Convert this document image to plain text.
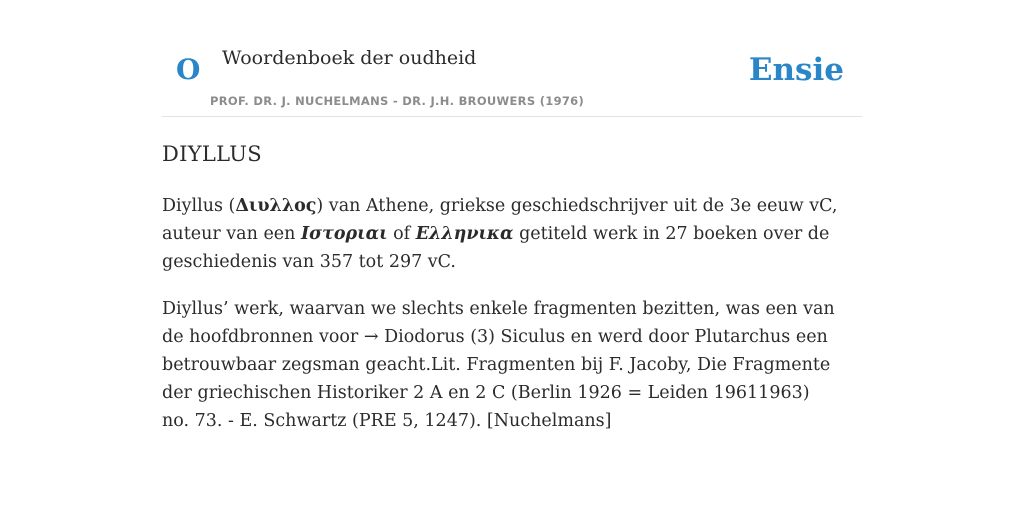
O Woordenboek der oudheid
PROF. DR. J. NUCHELMANS - DR. J.H. BROUWERS (1976)
Ensie
DIYLLUS

Diyllus (Διυλλος) van Athene, griekse geschiedschrijver uit de 3e eeuw vC, auteur van een Ιστοριαι of Ελληνικα getiteld werk in 27 boeken over de geschiedenis van 357 tot 297 vC.

Diyllus’ werk, waarvan we slechts enkele fragmenten bezitten, was een van de hoofdbronnen voor → Diodorus (3) Siculus en werd door Plutarchus een betrouwbaar zegsman geacht.Lit. Fragmenten bij F. Jacoby, Die Fragmente der griechischen Historiker 2 A en 2 C (Berlin 1926 = Leiden 19611963) no. 73. - E. Schwartz (PRE 5, 1247). [Nuchelmans]
